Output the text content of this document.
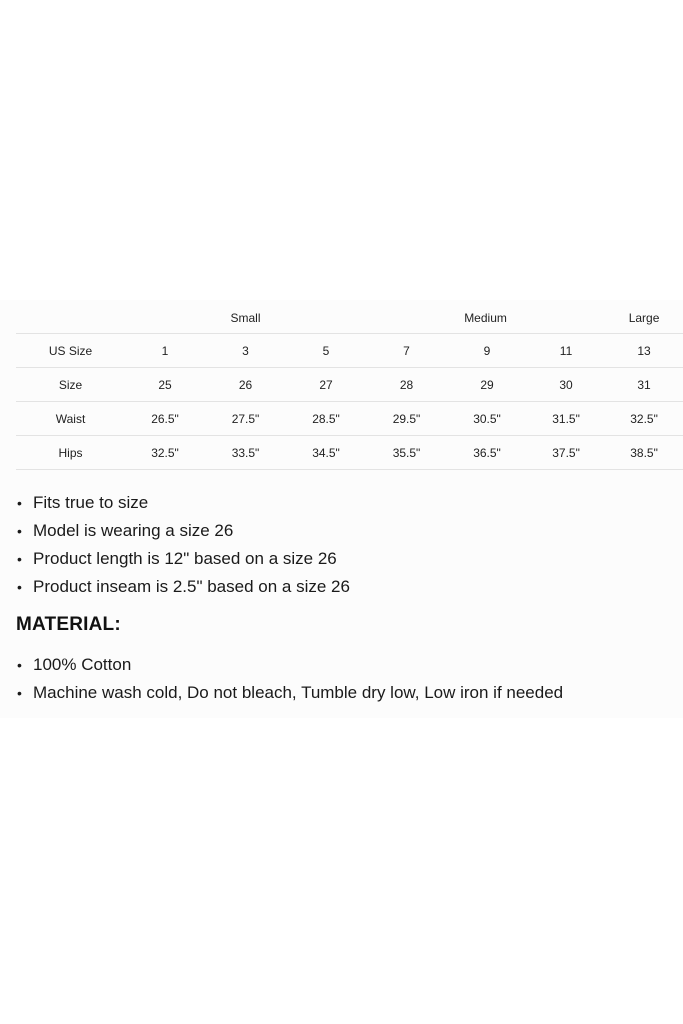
	Small			Medium			Large
US Size	1	3	5	7	9	11	13
Size	25	26	27	28	29	30	31
Waist	26.5"	27.5"	28.5"	29.5"	30.5"	31.5"	32.5"
Hips	32.5"	33.5"	34.5"	35.5"	36.5"	37.5"	38.5"
• Fits true to size
• Model is wearing a size 26
• Product length is 12" based on a size 26
• Product inseam is 2.5" based on a size 26
MATERIAL:
• 100% Cotton
• Machine wash cold, Do not bleach, Tumble dry low, Low iron if needed
